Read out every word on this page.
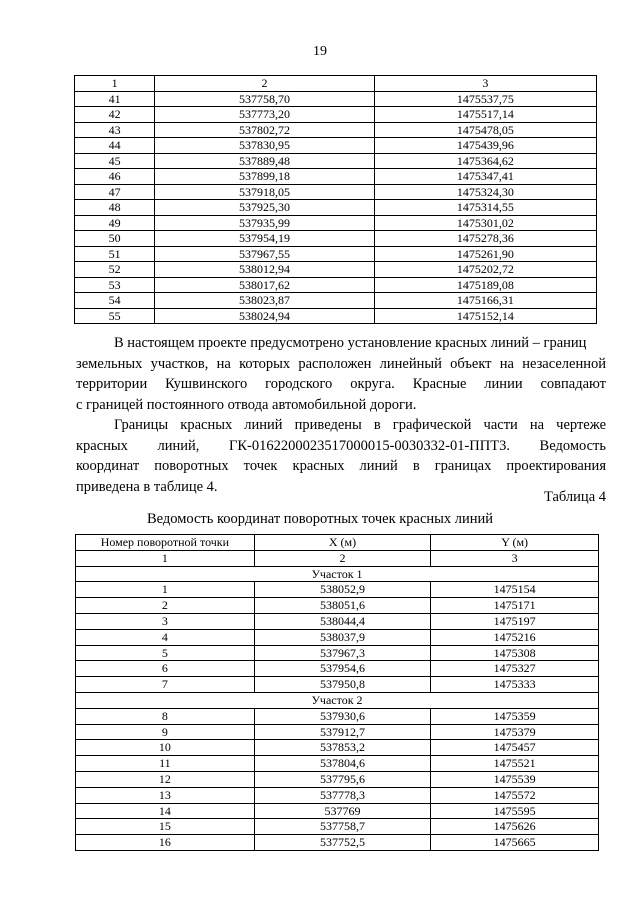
19
1	2	3
41	537758,70	1475537,75
42	537773,20	1475517,14
43	537802,72	1475478,05
44	537830,95	1475439,96
45	537889,48	1475364,62
46	537899,18	1475347,41
47	537918,05	1475324,30
48	537925,30	1475314,55
49	537935,99	1475301,02
50	537954,19	1475278,36
51	537967,55	1475261,90
52	538012,94	1475202,72
53	538017,62	1475189,08
54	538023,87	1475166,31
55	538024,94	1475152,14
В настоящем проекте предусмотрено установление красных линий – границ
земельных участков, на которых расположен линейный объект на незаселенной
территории Кушвинского городского округа. Красные линии совпадают
с границей постоянного отвода автомобильной дороги.
Границы красных линий приведены в графической части на чертеже
красных линий, ГК-0162200023517000015-0030332-01-ППТ3. Ведомость
координат поворотных точек красных линий в границах проектирования
приведена в таблице 4.
Таблица 4
Ведомость координат поворотных точек красных линий
Номер поворотной точки	X (м)	Y (м)
1	2	3
Участок 1		
1	538052,9	1475154
2	538051,6	1475171
3	538044,4	1475197
4	538037,9	1475216
5	537967,3	1475308
6	537954,6	1475327
7	537950,8	1475333
Участок 2		
8	537930,6	1475359
9	537912,7	1475379
10	537853,2	1475457
11	537804,6	1475521
12	537795,6	1475539
13	537778,3	1475572
14	537769	1475595
15	537758,7	1475626
16	537752,5	1475665
